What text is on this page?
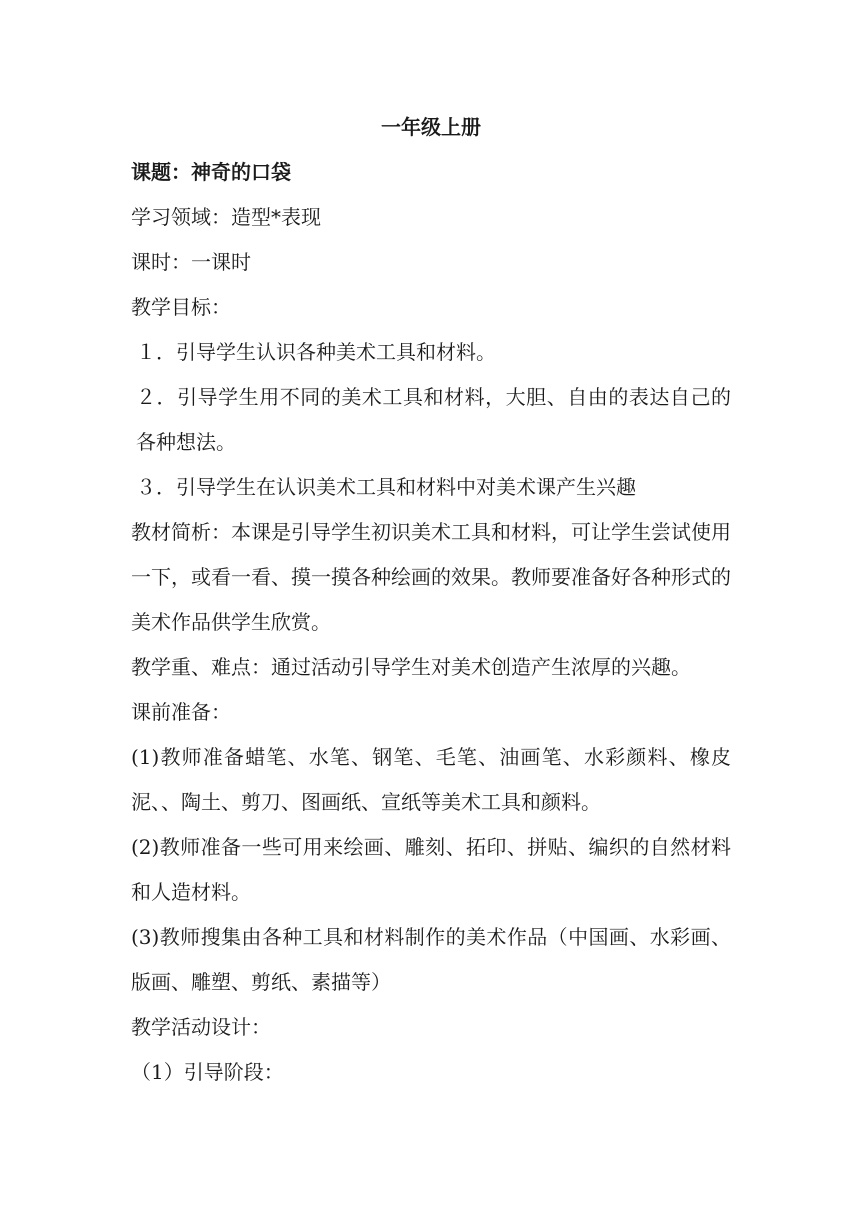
一年级上册
课题：神奇的口袋
学习领域：造型*表现
课时：一课时
教学目标：
１．引导学生认识各种美术工具和材料。
２．引导学生用不同的美术工具和材料，大胆、自由的表达自己的各种想法。
３．引导学生在认识美术工具和材料中对美术课产生兴趣
教材简析：本课是引导学生初识美术工具和材料，可让学生尝试使用一下，或看一看、摸一摸各种绘画的效果。教师要准备好各种形式的美术作品供学生欣赏。
教学重、难点：通过活动引导学生对美术创造产生浓厚的兴趣。
课前准备：
(1)教师准备蜡笔、水笔、钢笔、毛笔、油画笔、水彩颜料、橡皮泥、、陶土、剪刀、图画纸、宣纸等美术工具和颜料。
(2)教师准备一些可用来绘画、雕刻、拓印、拼贴、编织的自然材料和人造材料。
(3)教师搜集由各种工具和材料制作的美术作品（中国画、水彩画、版画、雕塑、剪纸、素描等）
教学活动设计：
（1）引导阶段：
